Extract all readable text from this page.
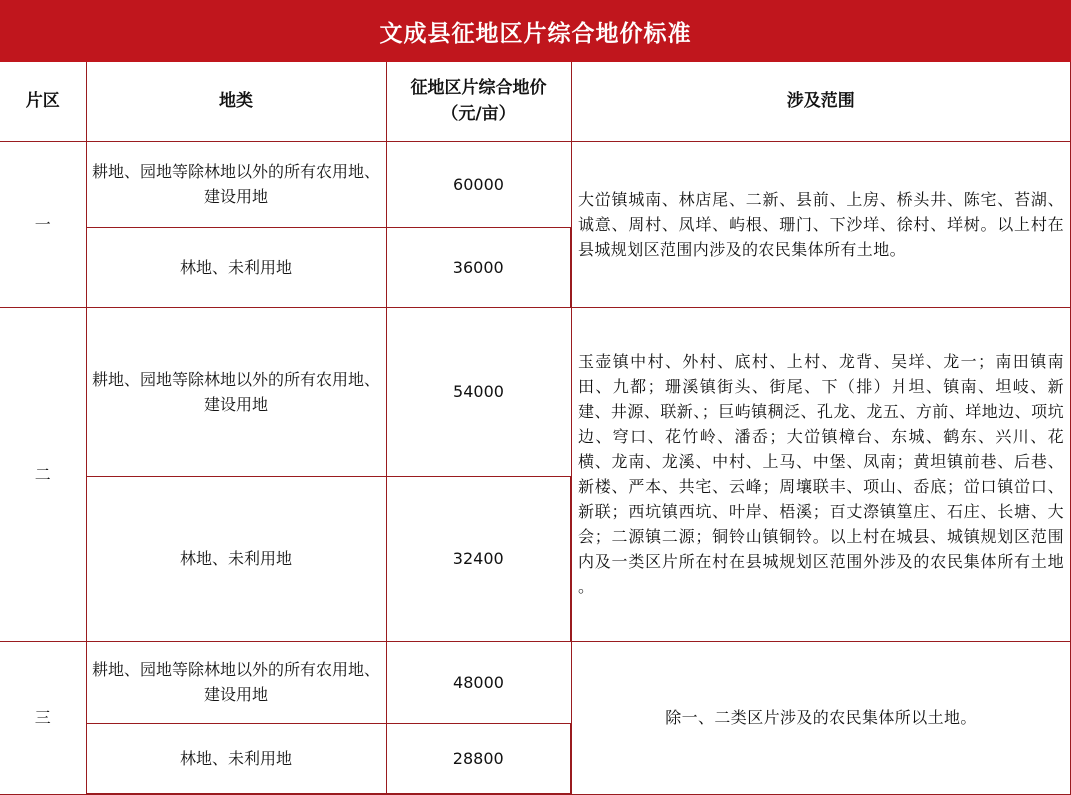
文成县征地区片综合地价标准
片区	地类	征地区片综合地价（元/亩）	涉及范围
一	耕地、园地等除林地以外的所有农用地、建设用地	60000	大峃镇城南、林店尾、二新、县前、上房、桥头井、陈宅、苔湖、诚意、周村、凤垟、屿根、珊门、下沙垟、徐村、垟树。以上村在县城规划区范围内涉及的农民集体所有土地。
	林地、未利用地	36000	
二	耕地、园地等除林地以外的所有农用地、建设用地	54000	玉壶镇中村、外村、底村、上村、龙背、吴垟、龙一；南田镇南田、九都；珊溪镇街头、街尾、下（排）爿坦、镇南、坦岐、新建、井源、联新、；巨屿镇稠泛、孔龙、龙五、方前、垟地边、项坑边、穹口、花竹岭、潘岙；大峃镇樟台、东城、鹤东、兴川、花横、龙南、龙溪、中村、上马、中堡、凤南；黄坦镇前巷、后巷、新楼、严本、共宅、云峰；周壤联丰、项山、岙底；峃口镇峃口、新联；西坑镇西坑、叶岸、梧溪；百丈漈镇篁庄、石庄、长塘、大会；二源镇二源；铜铃山镇铜铃。以上村在城县、城镇规划区范围内及一类区片所在村在县城规划区范围外涉及的农民集体所有土地 。
	林地、未利用地	32400	
三	耕地、园地等除林地以外的所有农用地、建设用地	48000	除一、二类区片涉及的农民集体所以土地。
	林地、未利用地	28800	
